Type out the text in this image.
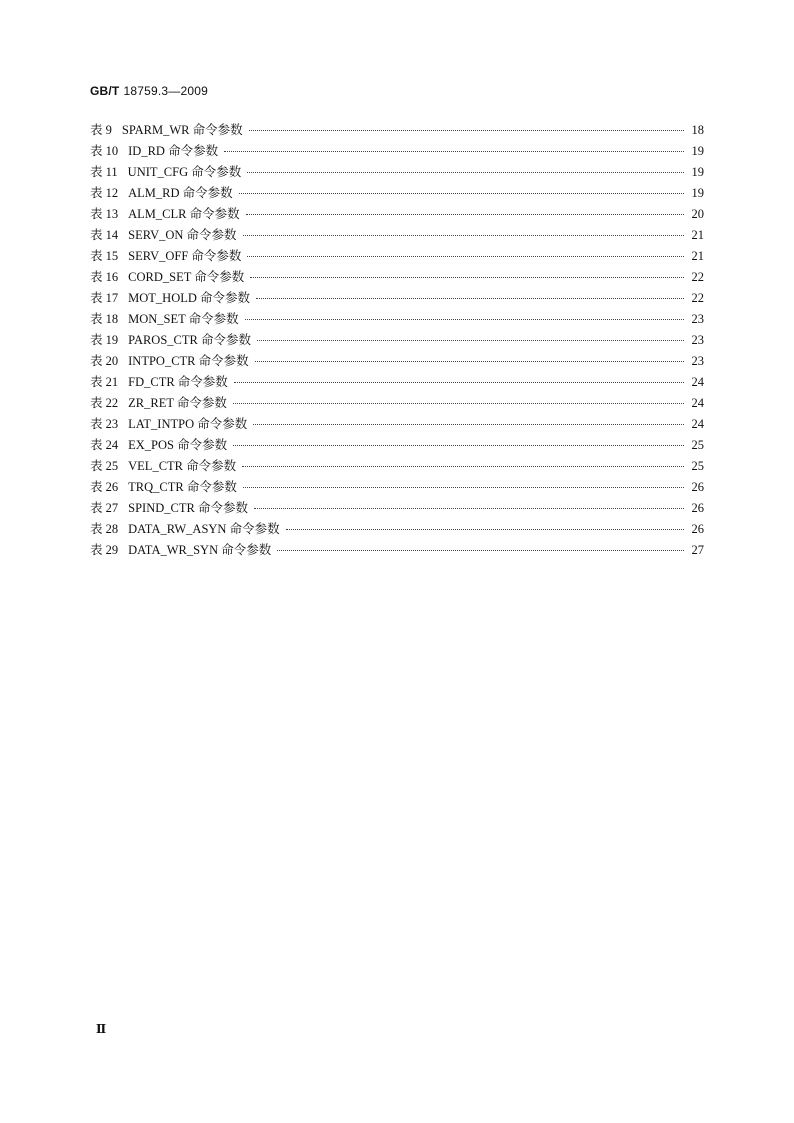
GB/T 18759.3—2009
表 9 SPARM_WR 命令参数	18
表 10 ID_RD 命令参数	19
表 11 UNIT_CFG 命令参数	19
表 12 ALM_RD 命令参数	19
表 13 ALM_CLR 命令参数	20
表 14 SERV_ON 命令参数	21
表 15 SERV_OFF 命令参数	21
表 16 CORD_SET 命令参数	22
表 17 MOT_HOLD 命令参数	22
表 18 MON_SET 命令参数	23
表 19 PAROS_CTR 命令参数	23
表 20 INTPO_CTR 命令参数	23
表 21 FD_CTR 命令参数	24
表 22 ZR_RET 命令参数	24
表 23 LAT_INTPO 命令参数	24
表 24 EX_POS 命令参数	25
表 25 VEL_CTR 命令参数	25
表 26 TRQ_CTR 命令参数	26
表 27 SPIND_CTR 命令参数	26
表 28 DATA_RW_ASYN 命令参数	26
表 29 DATA_WR_SYN 命令参数	27
Ⅱ
